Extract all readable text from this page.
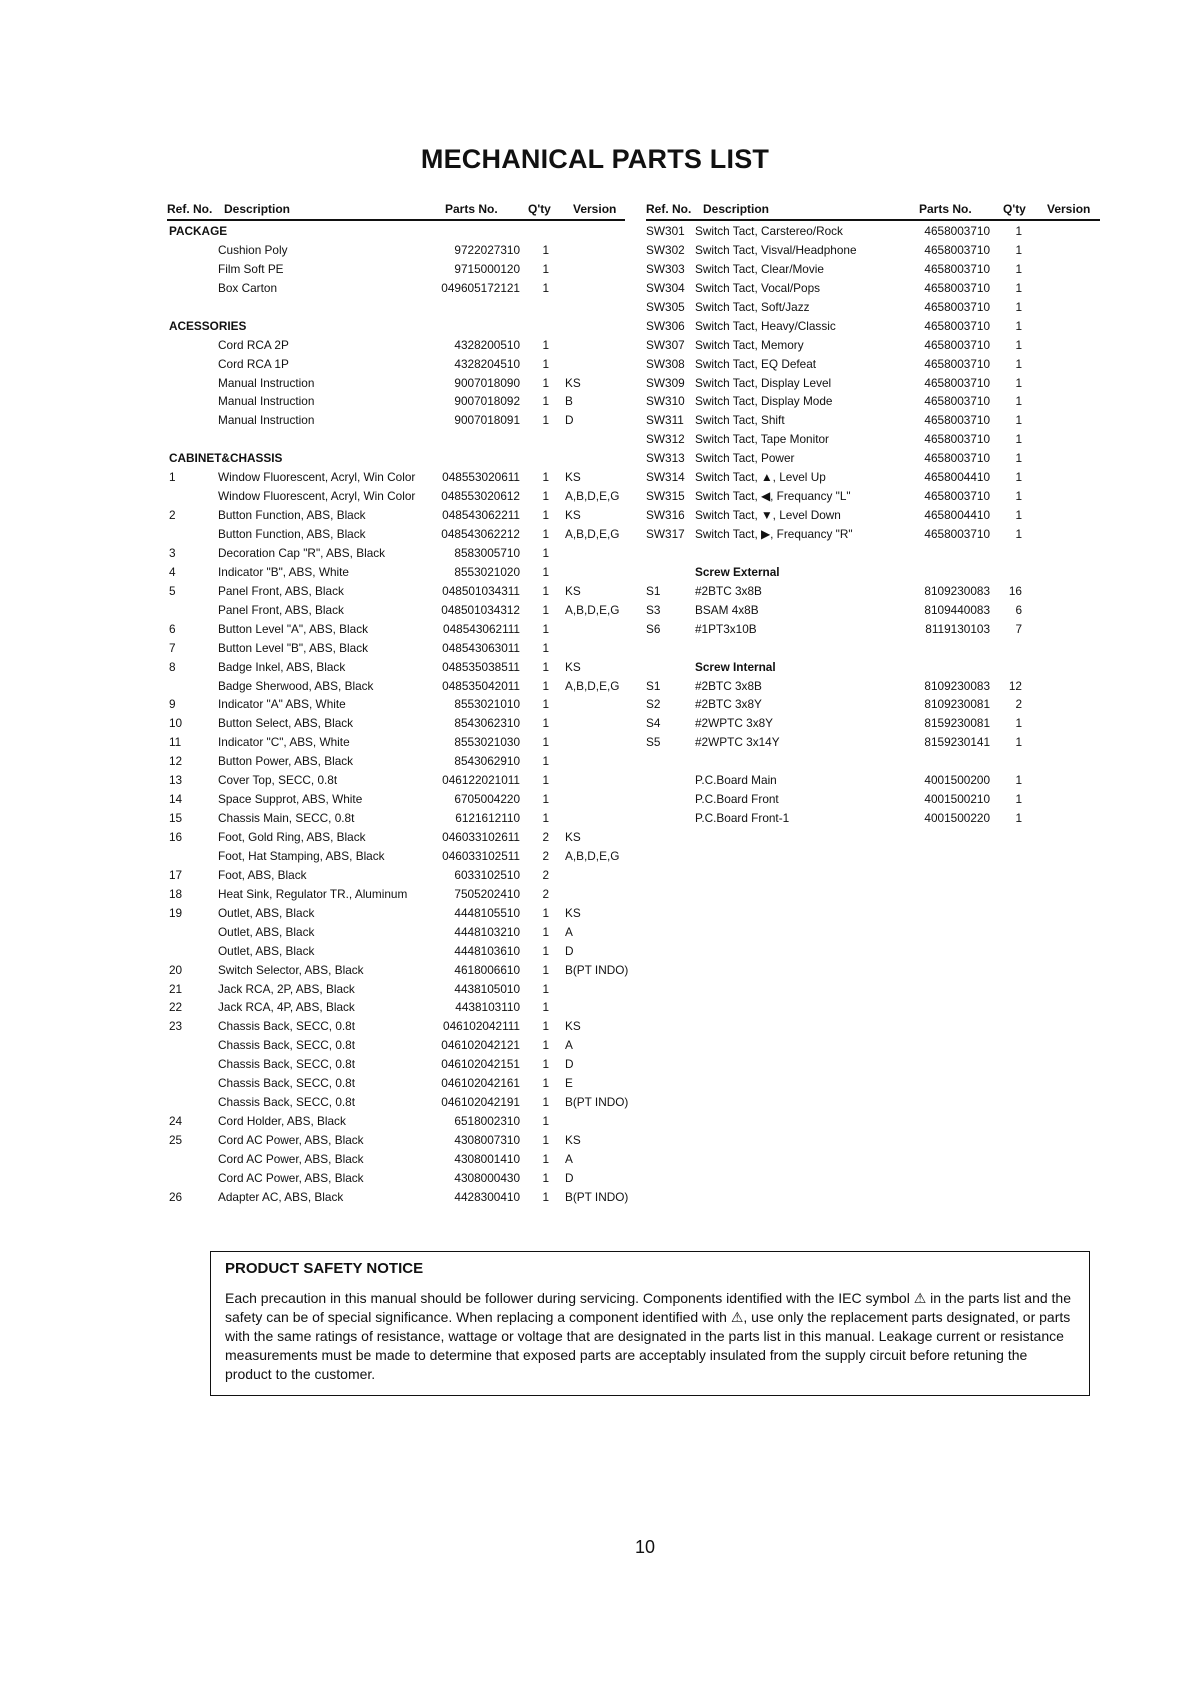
MECHANICAL PARTS LIST
Ref. No. Description	Parts No.	Q'ty Version Ref. No. Description	Parts No.	Q'ty Version
PACKAGE
Cushion Poly	9722027310	1
Film Soft PE	9715000120	1
Box Carton	049605172121	1
ACESSORIES
Cord RCA 2P	4328200510	1
Cord RCA 1P	4328204510	1
Manual Instruction	9007018090	1 KS
Manual Instruction	9007018092	1 B
Manual Instruction	9007018091	1 D
CABINET&CHASSIS
1	Window Fluorescent, Acryl, Win Color	048553020611	1 KS
Window Fluorescent, Acryl, Win Color	048553020612	1 A,B,D,E,G
2	Button Function, ABS, Black	048543062211	1 KS
Button Function, ABS, Black	048543062212	1 A,B,D,E,G
3	Decoration Cap "R", ABS, Black	8583005710	1
4	Indicator "B", ABS, White	8553021020	1
5	Panel Front, ABS, Black	048501034311	1 KS
Panel Front, ABS, Black	048501034312	1 A,B,D,E,G
6	Button Level "A", ABS, Black	048543062111	1
7	Button Level "B", ABS, Black	048543063011	1
8	Badge Inkel, ABS, Black	048535038511	1 KS
Badge Sherwood, ABS, Black	048535042011	1 A,B,D,E,G
9	Indicator "A" ABS, White	8553021010	1
10	Button Select, ABS, Black	8543062310	1
11	Indicator "C", ABS, White	8553021030	1
12	Button Power, ABS, Black	8543062910	1
13	Cover Top, SECC, 0.8t	046122021011	1
14	Space Supprot, ABS, White	6705004220	1
15	Chassis Main, SECC, 0.8t	6121612110	1
16	Foot, Gold Ring, ABS, Black	046033102611	2 KS
Foot, Hat Stamping, ABS, Black	046033102511	2 A,B,D,E,G
17	Foot, ABS, Black	6033102510	2
18	Heat Sink, Regulator TR., Aluminum	7505202410	2
19	Outlet, ABS, Black	4448105510	1 KS
Outlet, ABS, Black	4448103210	1 A
Outlet, ABS, Black	4448103610	1 D
20	Switch Selector, ABS, Black	4618006610	1 B(PT INDO)
21	Jack RCA, 2P, ABS, Black	4438105010	1
22	Jack RCA, 4P, ABS, Black	4438103110	1
23	Chassis Back, SECC, 0.8t	046102042111	1 KS
Chassis Back, SECC, 0.8t	046102042121	1 A
Chassis Back, SECC, 0.8t	046102042151	1 D
Chassis Back, SECC, 0.8t	046102042161	1 E
Chassis Back, SECC, 0.8t	046102042191	1 B(PT INDO)
24	Cord Holder, ABS, Black	6518002310	1
25	Cord AC Power, ABS, Black	4308007310	1 KS
Cord AC Power, ABS, Black	4308001410	1 A
Cord AC Power, ABS, Black	4308000430	1 D
26	Adapter AC, ABS, Black	4428300410	1 B(PT INDO)
SW301 Switch Tact, Carstereo/Rock	4658003710	1
SW302 Switch Tact, Visval/Headphone	4658003710	1
SW303 Switch Tact, Clear/Movie	4658003710	1
SW304 Switch Tact, Vocal/Pops	4658003710	1
SW305 Switch Tact, Soft/Jazz	4658003710	1
SW306 Switch Tact, Heavy/Classic	4658003710	1
SW307 Switch Tact, Memory	4658003710	1
SW308 Switch Tact, EQ Defeat	4658003710	1
SW309 Switch Tact, Display Level	4658003710	1
SW310 Switch Tact, Display Mode	4658003710	1
SW311 Switch Tact, Shift	4658003710	1
SW312 Switch Tact, Tape Monitor	4658003710	1
SW313 Switch Tact, Power	4658003710	1
SW314 Switch Tact, ▲, Level Up	4658004410	1
SW315 Switch Tact, ◀, Frequancy "L"	4658003710	1
SW316 Switch Tact, ▼, Level Down	4658004410	1
SW317 Switch Tact, ▶, Frequancy "R"	4658003710	1
Screw External
S1	#2BTC 3x8B	8109230083	16
S3	BSAM 4x8B	8109440083	6
S6	#1PT3x10B	8119130103	7
Screw Internal
S1	#2BTC 3x8B	8109230083	12
S2	#2BTC 3x8Y	8109230081	2
S4	#2WPTC 3x8Y	8159230081	1
S5	#2WPTC 3x14Y	8159230141	1
P.C.Board Main	4001500200	1
P.C.Board Front	4001500210	1
P.C.Board Front-1	4001500220	1
PRODUCT SAFETY NOTICE
Each precaution in this manual should be follower during servicing. Components identified with the IEC symbol ⚠ in the parts list and the safety can be of special significance. When replacing a component identified with ⚠, use only the replacement parts designated, or parts with the same ratings of resistance, wattage or voltage that are designated in the parts list in this manual. Leakage current or resistance measurements must be made to determine that exposed parts are acceptably insulated from the supply circuit before retuning the product to the customer.
10
